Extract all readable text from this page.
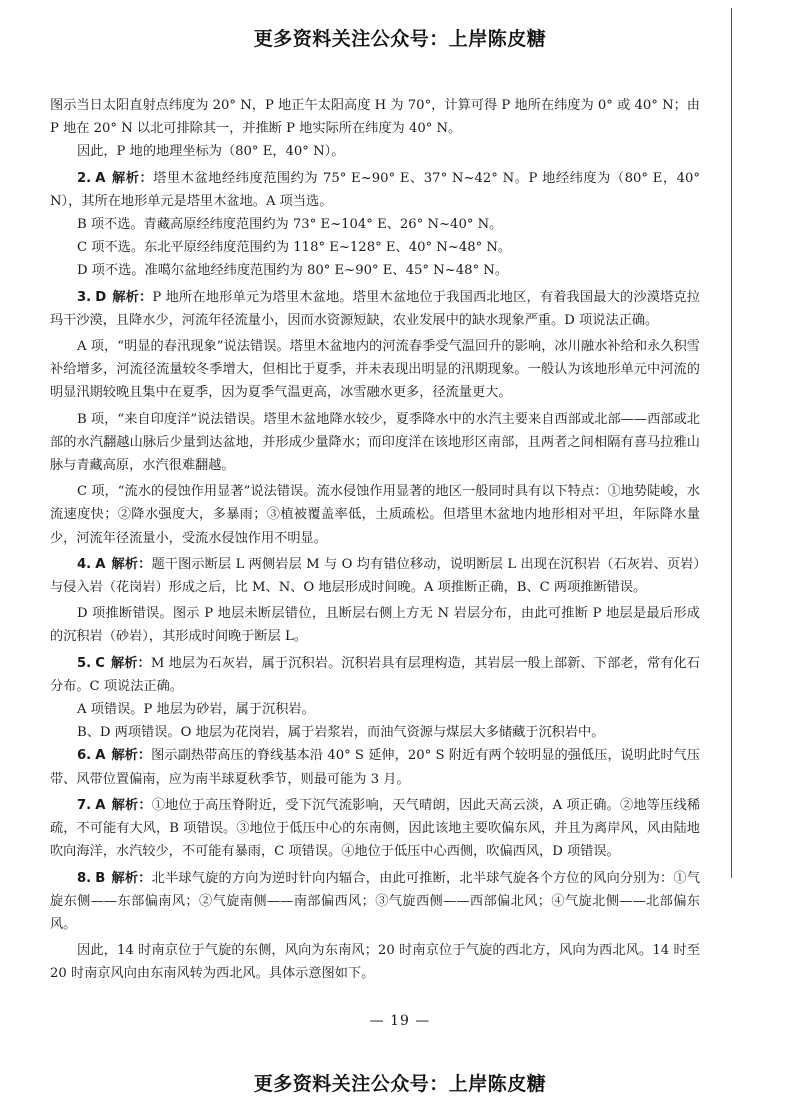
更多资料关注公众号：上岸陈皮糖

图示当日太阳直射点纬度为 20° N，P 地正午太阳高度 H 为 70°，计算可得 P 地所在纬度为 0° 或 40° N；由 P 地在 20° N 以北可排除其一，并推断 P 地实际所在纬度为 40° N。

因此，P 地的地理坐标为（80° E，40° N）。

2. A 解析：塔里木盆地经纬度范围约为 75° E~90° E、37° N~42° N。P 地经纬度为（80° E，40° N），其所在地形单元是塔里木盆地。A 项当选。

B 项不选。青藏高原经纬度范围约为 73° E~104° E、26° N~40° N。

C 项不选。东北平原经纬度范围约为 118° E~128° E、40° N~48° N。

D 项不选。准噶尔盆地经纬度范围约为 80° E~90° E、45° N~48° N。

3. D 解析：P 地所在地形单元为塔里木盆地。塔里木盆地位于我国西北地区，有着我国最大的沙漠塔克拉玛干沙漠，且降水少，河流年径流量小，因而水资源短缺，农业发展中的缺水现象严重。D 项说法正确。

A 项，“明显的春汛现象”说法错误。塔里木盆地内的河流春季受气温回升的影响，冰川融水补给和永久积雪补给增多，河流径流量较冬季增大，但相比于夏季，并未表现出明显的汛期现象。一般认为该地形单元中河流的明显汛期较晚且集中在夏季，因为夏季气温更高，冰雪融水更多，径流量更大。

B 项，“来自印度洋”说法错误。塔里木盆地降水较少，夏季降水中的水汽主要来自西部或北部——西部或北部的水汽翻越山脉后少量到达盆地，并形成少量降水；而印度洋在该地形区南部，且两者之间相隔有喜马拉雅山脉与青藏高原，水汽很难翻越。

C 项，“流水的侵蚀作用显著”说法错误。流水侵蚀作用显著的地区一般同时具有以下特点：①地势陡峻，水流速度快；②降水强度大，多暴雨；③植被覆盖率低，土质疏松。但塔里木盆地内地形相对平坦，年际降水量少，河流年径流量小，受流水侵蚀作用不明显。

4. A 解析：题干图示断层 L 两侧岩层 M 与 O 均有错位移动，说明断层 L 出现在沉积岩（石灰岩、页岩）与侵入岩（花岗岩）形成之后，比 M、N、O 地层形成时间晚。A 项推断正确，B、C 两项推断错误。

D 项推断错误。图示 P 地层未断层错位，且断层右侧上方无 N 岩层分布，由此可推断 P 地层是最后形成的沉积岩（砂岩），其形成时间晚于断层 L。

5. C 解析：M 地层为石灰岩，属于沉积岩。沉积岩具有层理构造，其岩层一般上部新、下部老，常有化石分布。C 项说法正确。

A 项错误。P 地层为砂岩，属于沉积岩。

B、D 两项错误。O 地层为花岗岩，属于岩浆岩，而油气资源与煤层大多储藏于沉积岩中。

6. A 解析：图示副热带高压的脊线基本沿 40° S 延伸，20° S 附近有两个较明显的强低压，说明此时气压带、风带位置偏南，应为南半球夏秋季节，则最可能为 3 月。

7. A 解析：①地位于高压脊附近，受下沉气流影响，天气晴朗，因此天高云淡，A 项正确。②地等压线稀疏，不可能有大风，B 项错误。③地位于低压中心的东南侧，因此该地主要吹偏东风，并且为离岸风，风由陆地吹向海洋，水汽较少，不可能有暴雨，C 项错误。④地位于低压中心西侧，吹偏西风，D 项错误。

8. B 解析：北半球气旋的方向为逆时针向内辐合，由此可推断，北半球气旋各个方位的风向分别为：①气旋东侧——东部偏南风；②气旋南侧——南部偏西风；③气旋西侧——西部偏北风；④气旋北侧——北部偏东风。

因此，14 时南京位于气旋的东侧，风向为东南风；20 时南京位于气旋的西北方，风向为西北风。14 时至 20 时南京风向由东南风转为西北风。具体示意图如下。

— 19 —
更多资料关注公众号：上岸陈皮糖
